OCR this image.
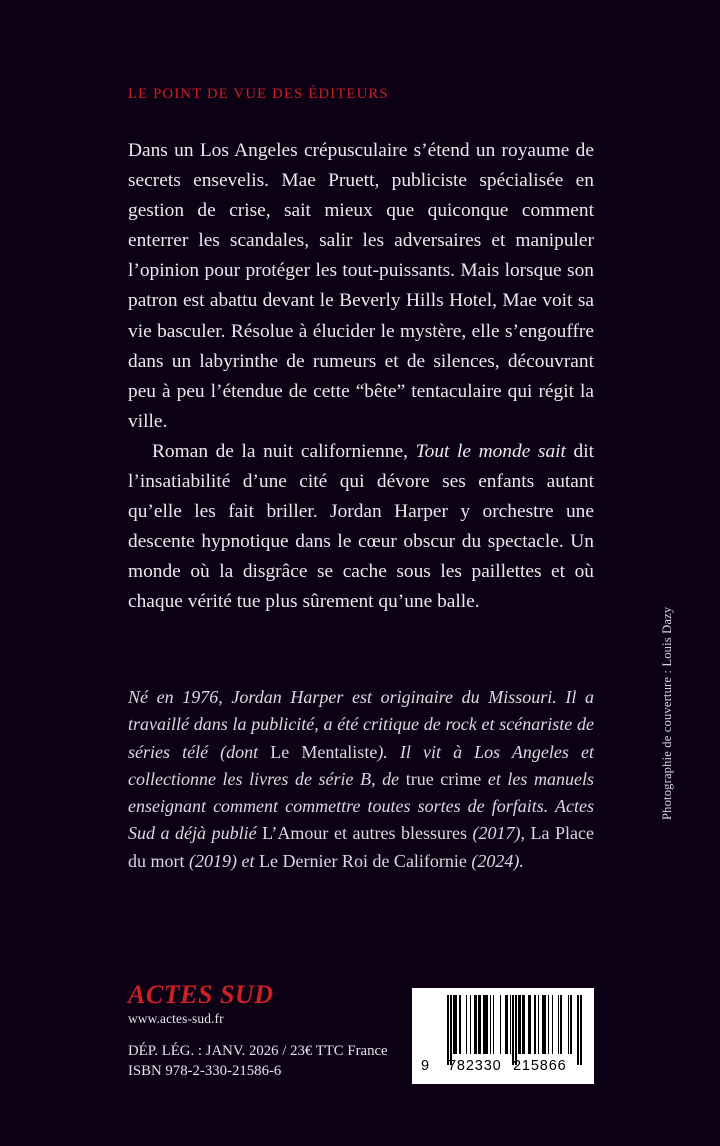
LE POINT DE VUE DES ÉDITEURS

Dans un Los Angeles crépusculaire s’étend un royaume de secrets ensevelis. Mae Pruett, publiciste spécialisée en gestion de crise, sait mieux que quiconque comment enterrer les scandales, salir les adversaires et manipuler l’opinion pour protéger les tout-puissants. Mais lorsque son patron est abattu devant le Beverly Hills Hotel, Mae voit sa vie basculer. Résolue à élucider le mystère, elle s’engouffre dans un labyrinthe de rumeurs et de silences, découvrant peu à peu l’étendue de cette “bête” tentaculaire qui régit la ville.

Roman de la nuit californienne, Tout le monde sait dit l’insatiabilité d’une cité qui dévore ses enfants autant qu’elle les fait briller. Jordan Harper y orchestre une descente hypnotique dans le cœur obscur du spectacle. Un monde où la disgrâce se cache sous les paillettes et où chaque vérité tue plus sûrement qu’une balle.

Né en 1976, Jordan Harper est originaire du Missouri. Il a travaillé dans la publicité, a été critique de rock et scénariste de séries télé (dont Le Mentaliste). Il vit à Los Angeles et collectionne les livres de série B, de true crime et les manuels enseignant comment commettre toutes sortes de forfaits. Actes Sud a déjà publié L’Amour et autres blessures (2017), La Place du mort (2019) et Le Dernier Roi de Californie (2024).

ACTES SUD
www.actes-sud.fr
DÉP. LÉG. : JANV. 2026 / 23€ TTC France
ISBN 978-2-330-21586-6	9 782330 215866
Photographie de couverture : Louis Dazy
